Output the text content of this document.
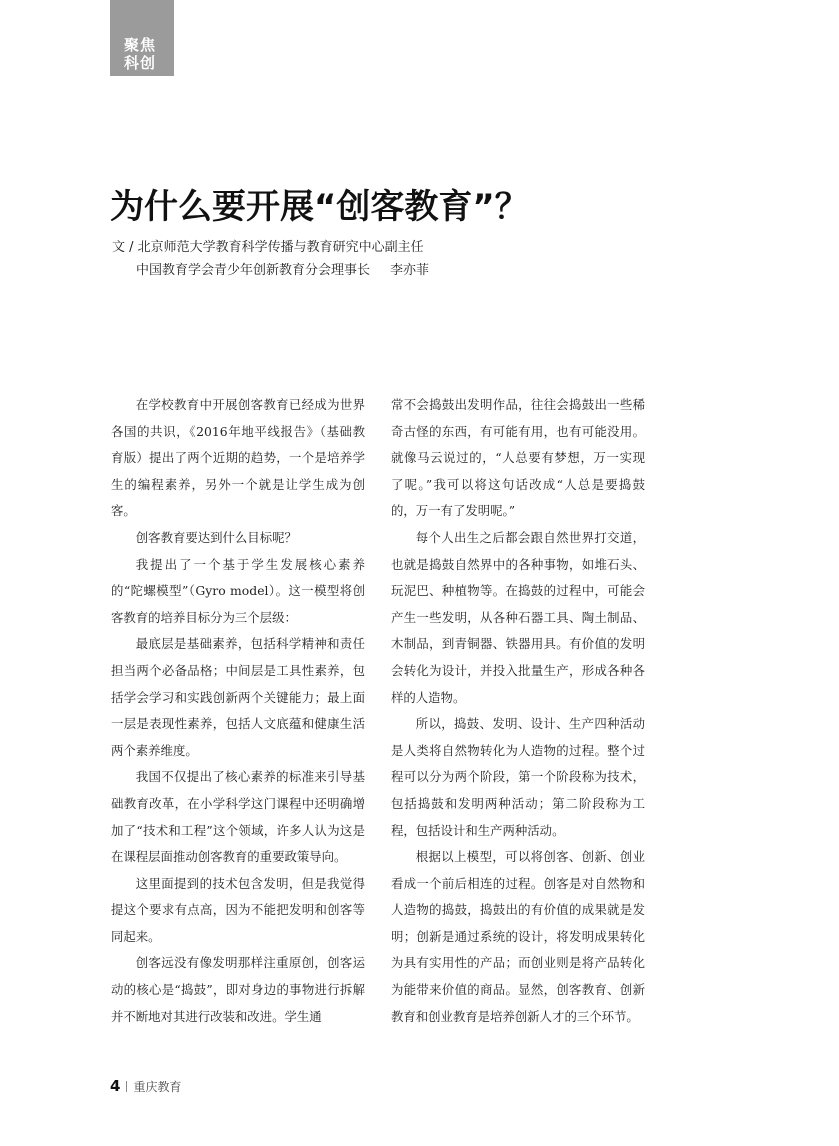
聚焦
科创
为什么要开展“创客教育”？
文 / 北京师范大学教育科学传播与教育研究中心副主任
中国教育学会青少年创新教育分会理事长 李亦菲

在学校教育中开展创客教育已经成为世界各国的共识，《2016年地平线报告》（基础教育版）提出了两个近期的趋势，一个是培养学生的编程素养，另外一个就是让学生成为创客。

创客教育要达到什么目标呢？

我提出了一个基于学生发展核心素养的“陀螺模型”（Gyro model）。这一模型将创客教育的培养目标分为三个层级：

最底层是基础素养，包括科学精神和责任担当两个必备品格；中间层是工具性素养，包括学会学习和实践创新两个关键能力；最上面一层是表现性素养，包括人文底蕴和健康生活两个素养维度。

我国不仅提出了核心素养的标准来引导基础教育改革，在小学科学这门课程中还明确增加了“技术和工程”这个领域，许多人认为这是在课程层面推动创客教育的重要政策导向。

这里面提到的技术包含发明，但是我觉得提这个要求有点高，因为不能把发明和创客等同起来。

创客远没有像发明那样注重原创，创客运动的核心是“捣鼓”，即对身边的事物进行拆解并不断地对其进行改装和改进。学生通

常不会捣鼓出发明作品，往往会捣鼓出一些稀奇古怪的东西，有可能有用，也有可能没用。就像马云说过的，“人总要有梦想，万一实现了呢。”我可以将这句话改成“人总是要捣鼓的，万一有了发明呢。”

每个人出生之后都会跟自然世界打交道，也就是捣鼓自然界中的各种事物，如堆石头、玩泥巴、种植物等。在捣鼓的过程中，可能会产生一些发明，从各种石器工具、陶土制品、木制品，到青铜器、铁器用具。有价值的发明会转化为设计，并投入批量生产，形成各种各样的人造物。

所以，捣鼓、发明、设计、生产四种活动是人类将自然物转化为人造物的过程。整个过程可以分为两个阶段，第一个阶段称为技术，包括捣鼓和发明两种活动；第二阶段称为工程，包括设计和生产两种活动。

根据以上模型，可以将创客、创新、创业看成一个前后相连的过程。创客是对自然物和人造物的捣鼓，捣鼓出的有价值的成果就是发明；创新是通过系统的设计，将发明成果转化为具有实用性的产品；而创业则是将产品转化为能带来价值的商品。显然，创客教育、创新教育和创业教育是培养创新人才的三个环节。

4 重庆教育
